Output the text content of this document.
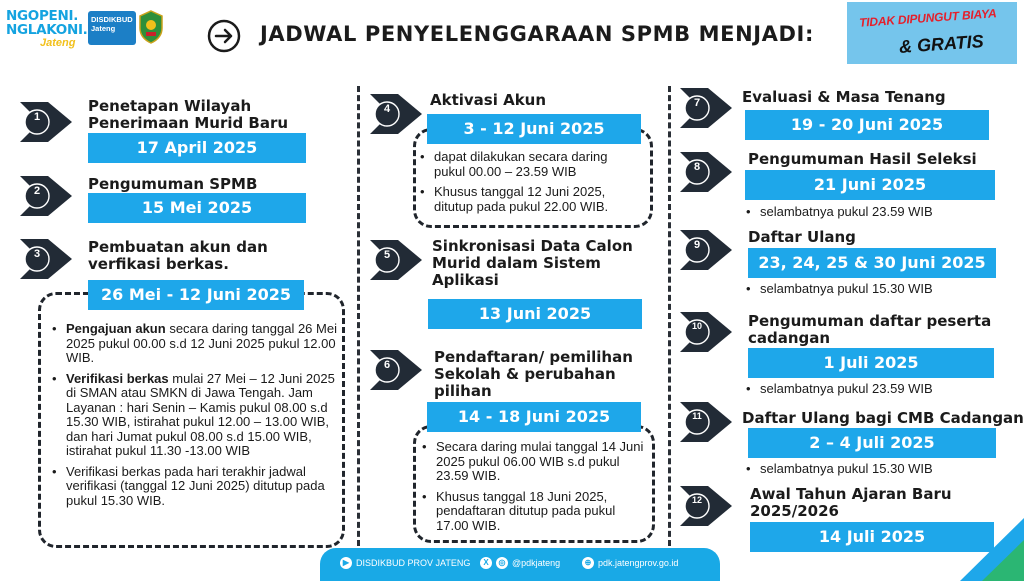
NGOPENI.
NGLAKONI.
Jateng
DISDIKBUD
Jateng	JADWAL PENYELENGGARAAN SPMB MENJADI:
TIDAK DIPUNGUT BIAYA
& GRATIS
1
Penetapan Wilayah
Penerimaan Murid Baru
17 April 2025
2	Pengumuman SPMB
15 Mei 2025
3	Pembuatan akun dan
verfikasi berkas.
26 Mei - 12 Juni 2025
• Pengajuan akun secara daring tanggal 26 Mei 2025 pukul 00.00 s.d 12 Juni 2025 pukul 12.00 WIB.
• Verifikasi berkas mulai 27 Mei – 12 Juni 2025 di SMAN atau SMKN di Jawa Tengah. Jam Layanan : hari Senin – Kamis pukul 08.00 s.d 15.30 WIB, istirahat pukul 12.00 – 13.00 WIB, dan hari Jumat pukul 08.00 s.d 15.00 WIB, istirahat pukul 11.30 -13.00 WIB
• Verifikasi berkas pada hari terakhir jadwal verifikasi (tanggal 12 Juni 2025) ditutup pada pukul 15.30 WIB.
4	Aktivasi Akun
3 - 12 Juni 2025
• dapat dilakukan secara daring pukul 00.00 – 23.59 WIB
• Khusus tanggal 12 Juni 2025, ditutup pada pukul 22.00 WIB.
5	Sinkronisasi Data Calon
Murid dalam Sistem
Aplikasi
13 Juni 2025
6	Pendaftaran/ pemilihan
Sekolah & perubahan
pilihan
14 - 18 Juni 2025
• Secara daring mulai tanggal 14 Juni 2025 pukul 06.00 WIB s.d pukul 23.59 WIB.
• Khusus tanggal 18 Juni 2025, pendaftaran ditutup pada pukul 17.00 WIB.
7	Evaluasi & Masa Tenang
19 - 20 Juni 2025
8	Pengumuman Hasil Seleksi
21 Juni 2025
• selambatnya pukul 23.59 WIB
9	Daftar Ulang
23, 24, 25 & 30 Juni 2025
• selambatnya pukul 15.30 WIB
10	Pengumuman daftar peserta
cadangan
1 Juli 2025
• selambatnya pukul 23.59 WIB
11	Daftar Ulang bagi CMB Cadangan
2 – 4 Juli 2025
• selambatnya pukul 15.30 WIB
12	Awal Tahun Ajaran Baru
2025/2026
14 Juli 2025
▶ DISDIKBUD PROV JATENG	X	◎ @pdkjateng	⊕ pdk.jatengprov.go.id
